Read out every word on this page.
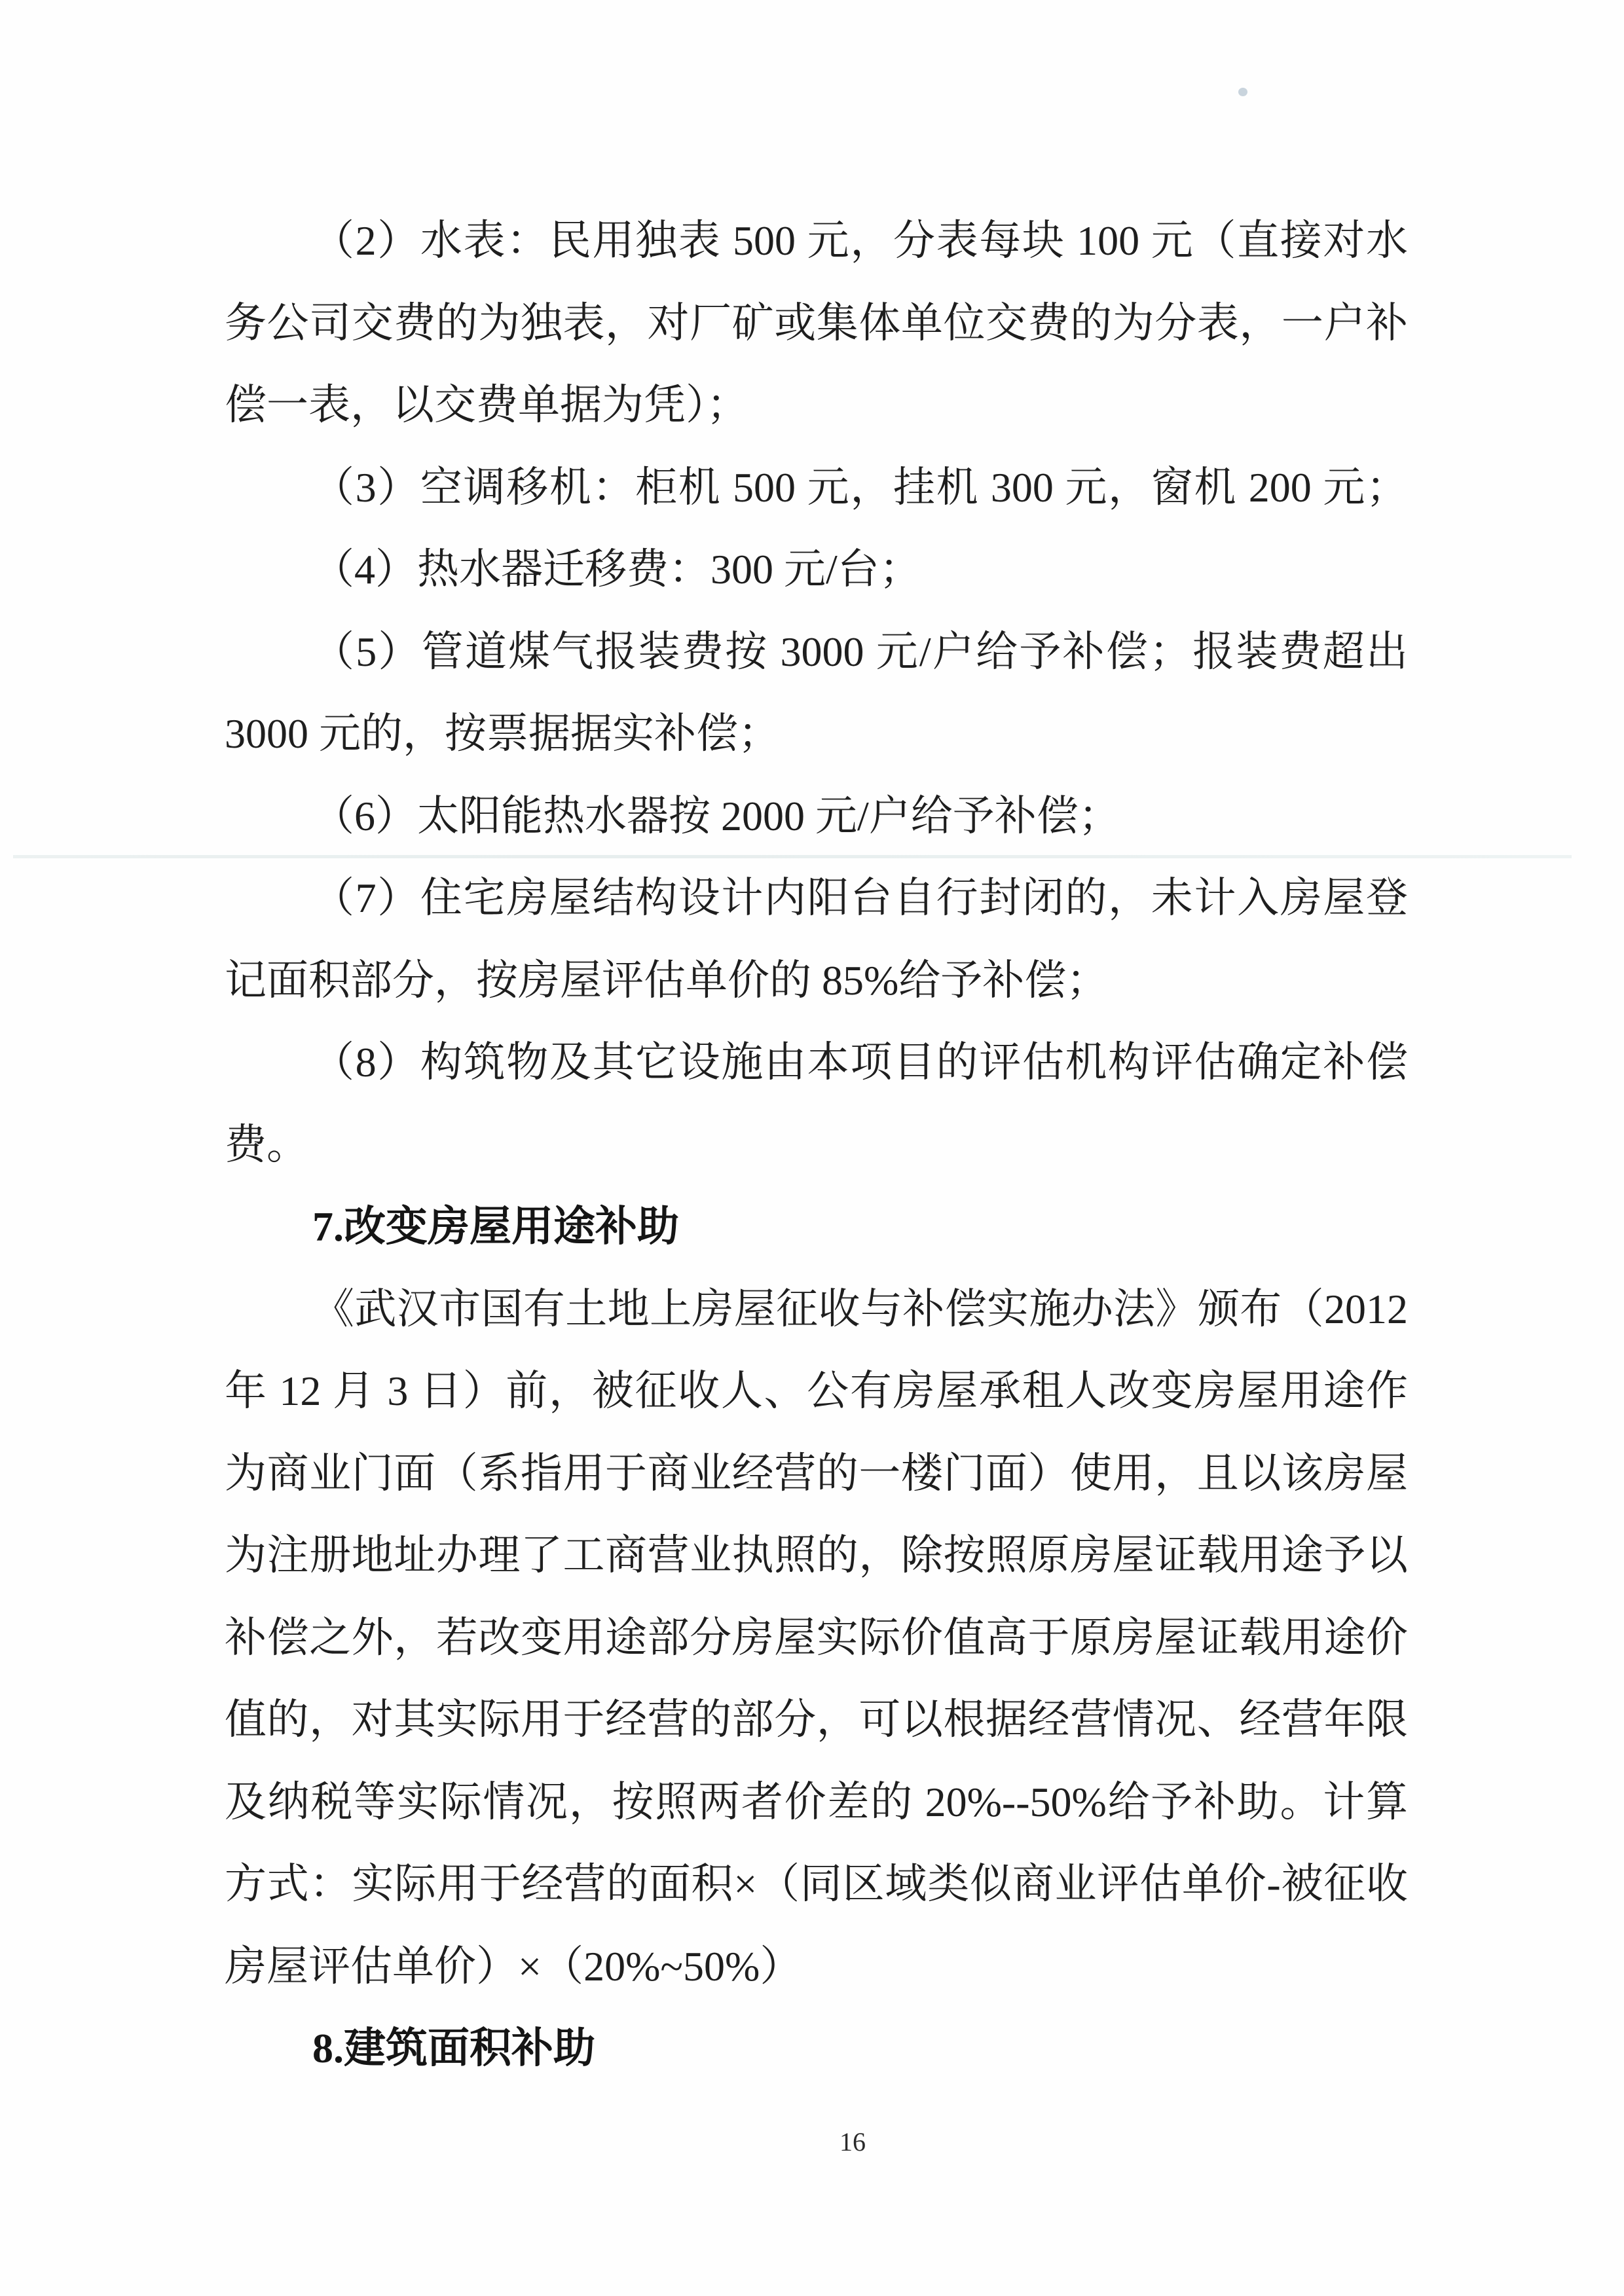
（2）水表：民用独表 500 元，分表每块 100 元（直接对水
务公司交费的为独表，对厂矿或集体单位交费的为分表，一户补
偿一表，以交费单据为凭）；
（3）空调移机：柜机 500 元，挂机 300 元，窗机 200 元；
（4）热水器迁移费：300 元/台；
（5）管道煤气报装费按 3000 元/户给予补偿；报装费超出
3000 元的，按票据据实补偿；
（6）太阳能热水器按 2000 元/户给予补偿；
（7）住宅房屋结构设计内阳台自行封闭的，未计入房屋登
记面积部分，按房屋评估单价的 85%给予补偿；
（8）构筑物及其它设施由本项目的评估机构评估确定补偿
费。
7.改变房屋用途补助
《武汉市国有土地上房屋征收与补偿实施办法》颁布（2012
年 12 月 3 日）前，被征收人、公有房屋承租人改变房屋用途作
为商业门面（系指用于商业经营的一楼门面）使用，且以该房屋
为注册地址办理了工商营业执照的，除按照原房屋证载用途予以
补偿之外，若改变用途部分房屋实际价值高于原房屋证载用途价
值的，对其实际用于经营的部分，可以根据经营情况、经营年限
及纳税等实际情况，按照两者价差的 20%--50%给予补助。计算
方式：实际用于经营的面积×（同区域类似商业评估单价-被征收
房屋评估单价）×（20%~50%）
8.建筑面积补助
16
